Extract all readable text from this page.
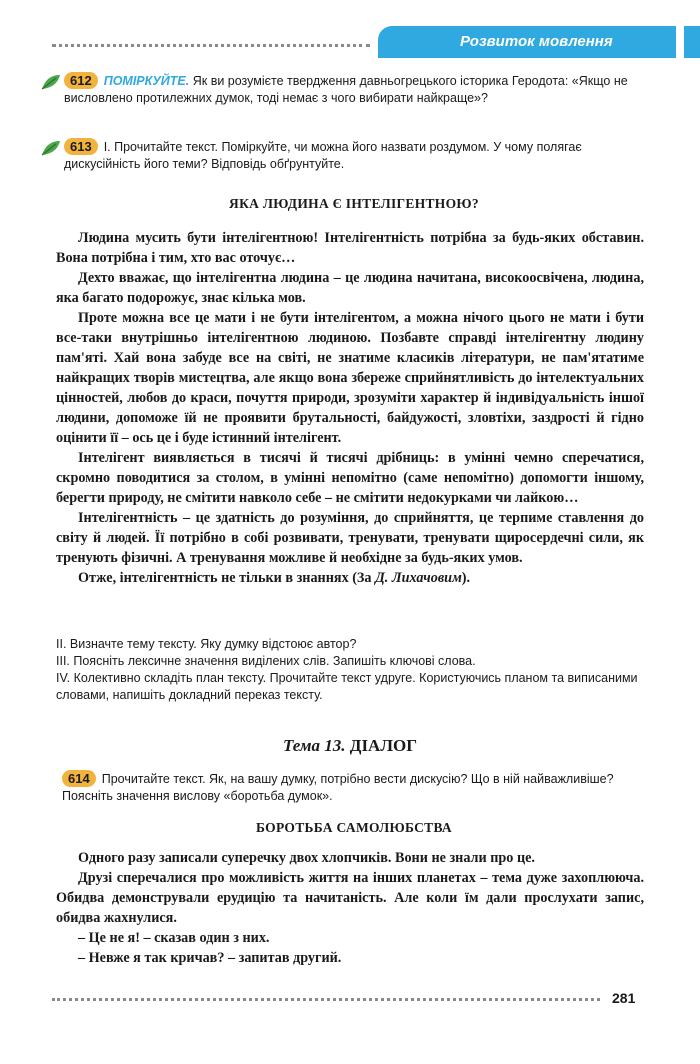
Розвиток мовлення
612 ПОМІРКУЙТЕ. Як ви розумієте твердження давньогрецького історика Геродота: «Якщо не висловлено протилежних думок, тоді немає з чого вибирати найкраще»?
613 І. Прочитайте текст. Поміркуйте, чи можна його назвати роздумом. У чому полягає дискусійність його теми? Відповідь обґрунтуйте.
ЯКА ЛЮДИНА Є ІНТЕЛІГЕНТНОЮ?

Людина мусить бути інтелігентною! Інтелігентність потрібна за будь-яких обставин. Вона потрібна і тим, хто вас оточує…

Дехто вважає, що інтелігентна людина – це людина начитана, високоосвічена, людина, яка багато подорожує, знає кілька мов.

Проте можна все це мати і не бути інтелігентом, а можна нічого цього не мати і бути все-таки внутрішньо інтелігентною людиною. Позбавте справді інтелігентну людину пам'яті. Хай вона забуде все на світі, не знатиме класиків літератури, не пам'ятатиме найкращих творів мистецтва, але якщо вона збереже сприйнятливість до інтелектуальних цінностей, любов до краси, почуття природи, зрозуміти характер й індивідуальність іншої людини, допоможе їй не проявити брутальності, байдужості, зловтіхи, заздрості й гідно оцінити її – ось це і буде істинний інтелігент.

Інтелігент виявляється в тисячі й тисячі дрібниць: в умінні чемно сперечатися, скромно поводитися за столом, в умінні непомітно (саме непомітно) допомогти іншому, берегти природу, не смітити навколо себе – не смітити недокурками чи лайкою…

Інтелігентність – це здатність до розуміння, до сприйняття, це терпиме ставлення до світу й людей. Її потрібно в собі розвивати, тренувати, тренувати щиросердечні сили, як тренують фізичні. А тренування можливе й необхідне за будь-яких умов.

Отже, інтелігентність не тільки в знаннях (За Д. Лихачовим).

ІІ. Визначте тему тексту. Яку думку відстоює автор?

ІІІ. Поясніть лексичне значення виділених слів. Запишіть ключові слова.

IV. Колективно складіть план тексту. Прочитайте текст удруге. Користуючись планом та виписаними словами, напишіть докладний переказ тексту.

Тема 13. ДІАЛОГ
614 Прочитайте текст. Як, на вашу думку, потрібно вести дискусію? Що в ній найважливіше? Поясніть значення вислову «боротьба думок».
БОРОТЬБА САМОЛЮБСТВА

Одного разу записали суперечку двох хлопчиків. Вони не знали про це.

Друзі сперечалися про можливість життя на інших планетах – тема дуже захоплююча. Обидва демонстрували ерудицію та начитаність. Але коли їм дали прослухати запис, обидва жахнулися.

– Це не я! – сказав один з них.

– Невже я так кричав? – запитав другий.

281
